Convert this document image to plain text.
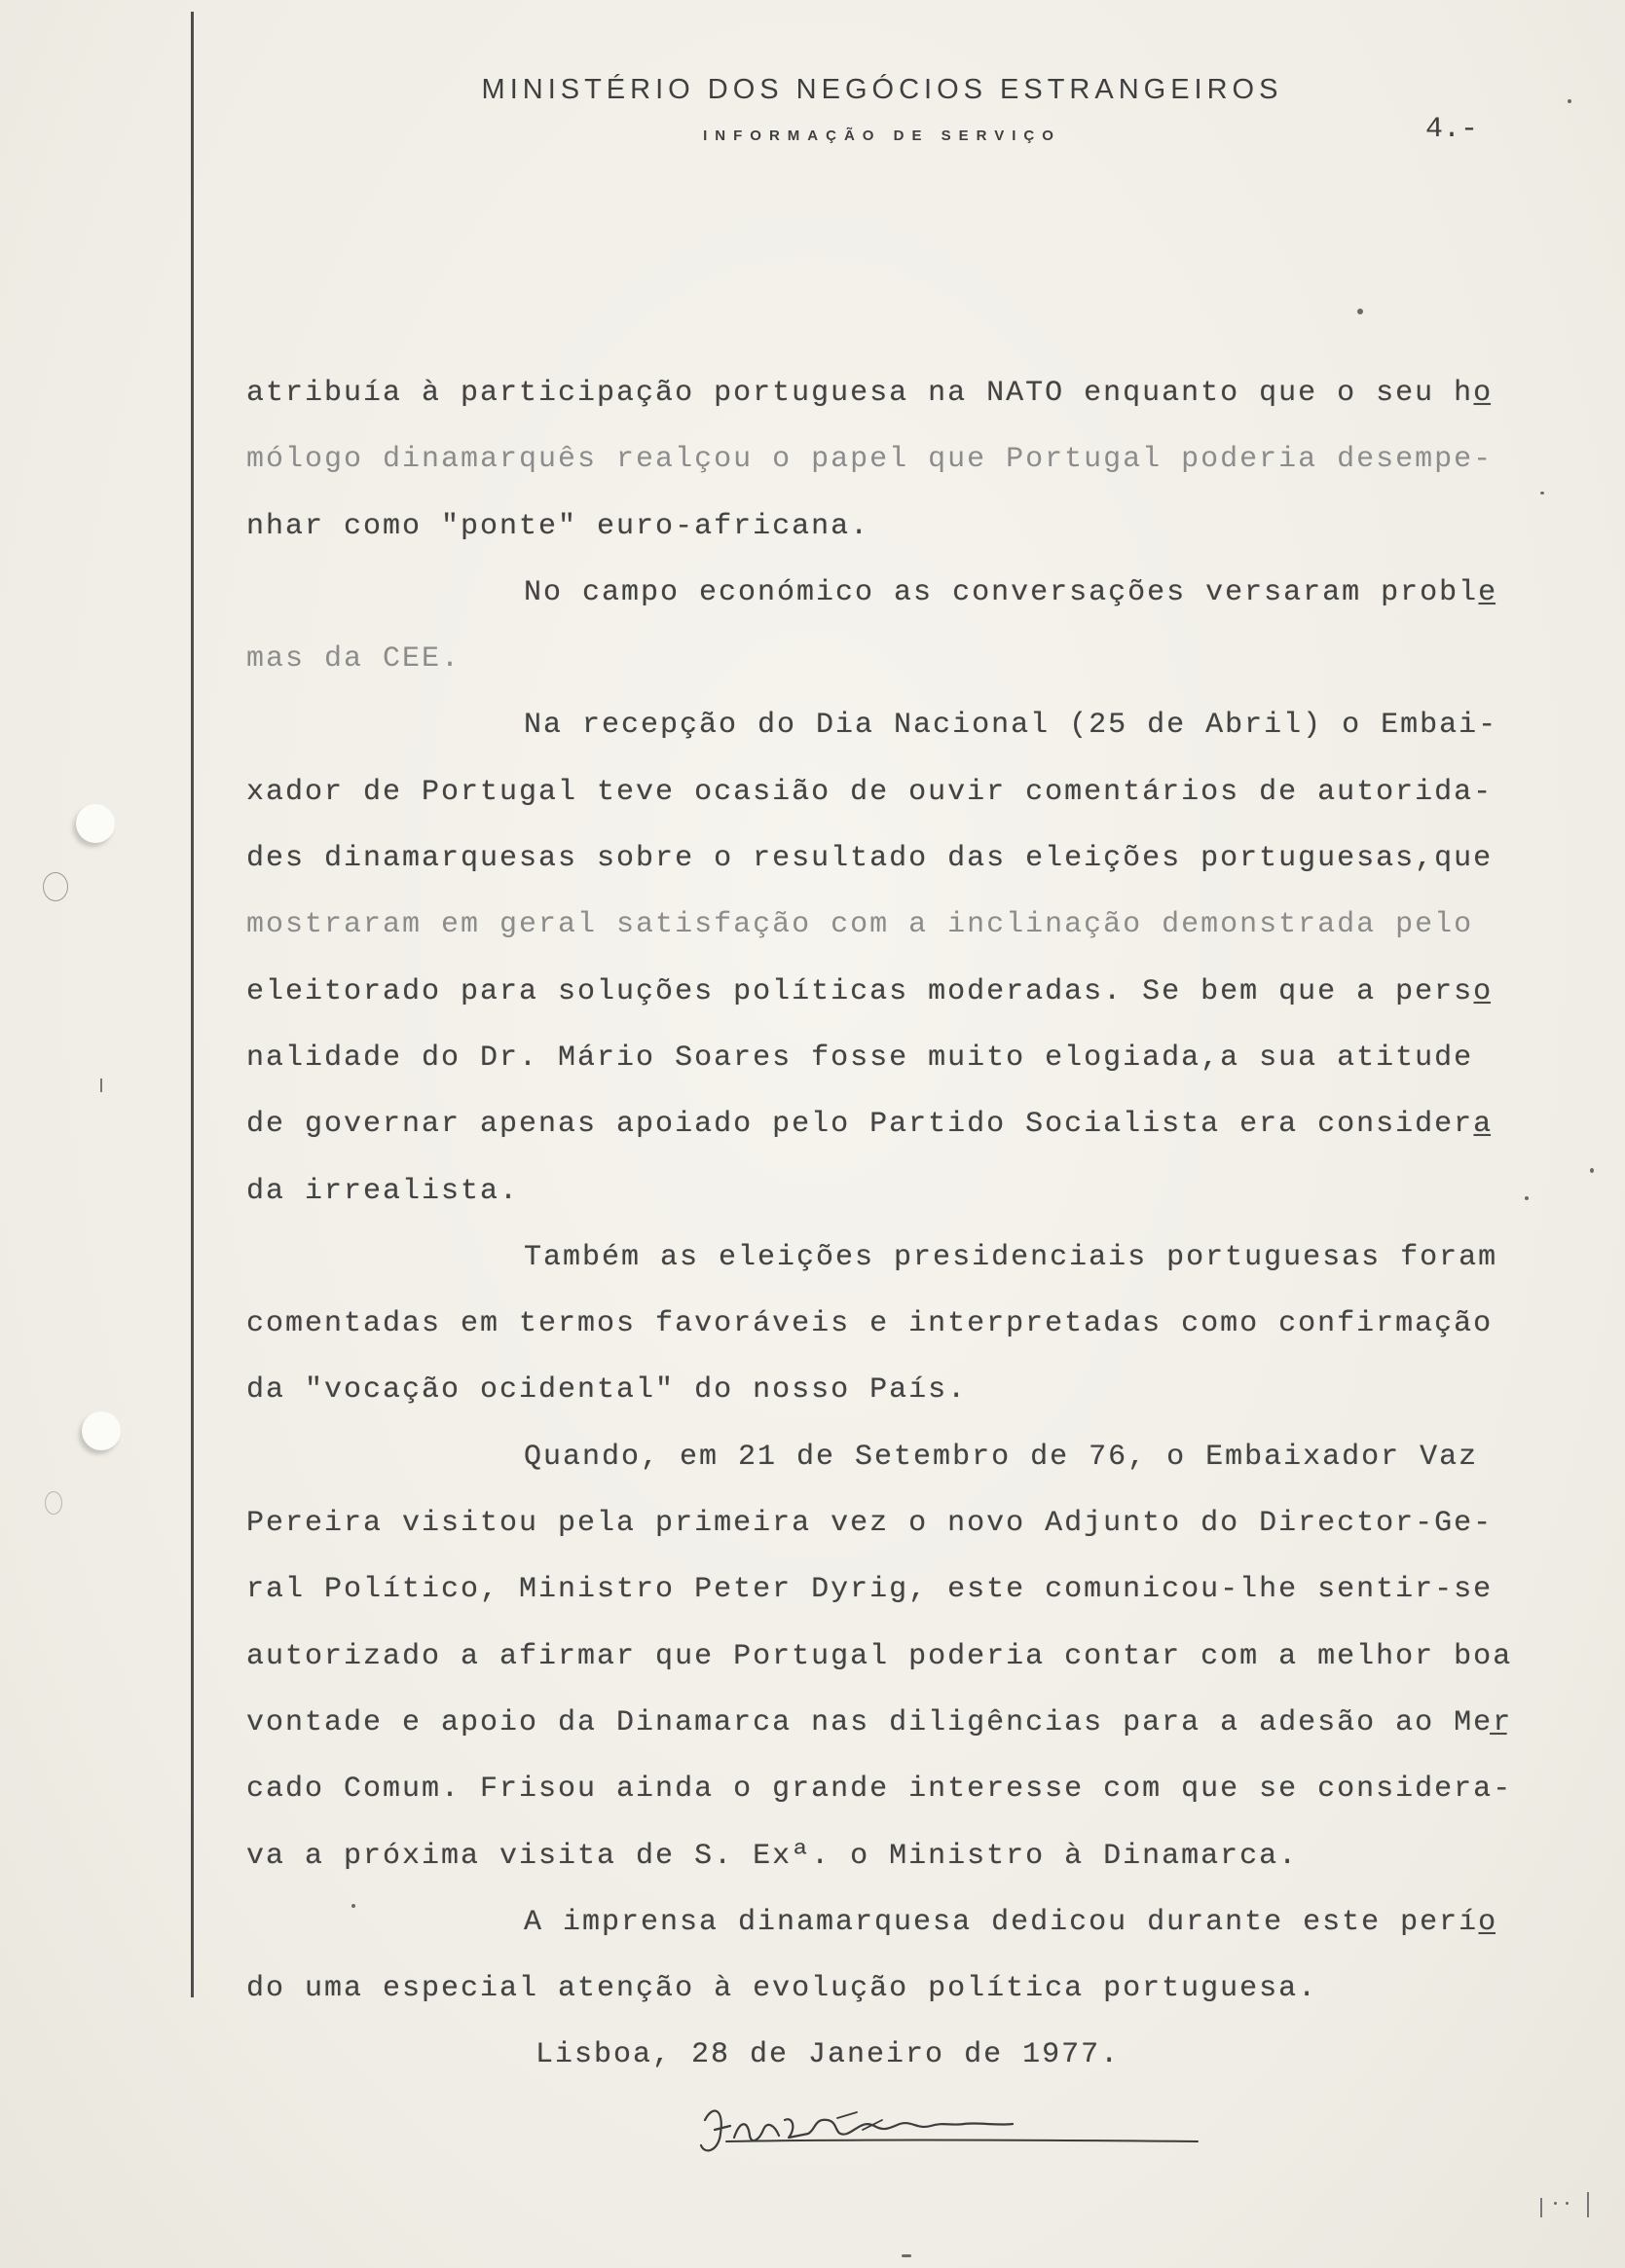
MINISTÉRIO DOS NEGÓCIOS ESTRANGEIROS
INFORMAÇÃO DE SERVIÇO	4.-
atribuía à participação portuguesa na NATO enquanto que o seu ho̲
mólogo dinamarquês realçou o papel que Portugal poderia desempe-
nhar como "ponte" euro-africana.
No campo económico as conversações versaram proble̲
mas da CEE.
Na recepção do Dia Nacional (25 de Abril) o Embai-
xador de Portugal teve ocasião de ouvir comentários de autorida-
des dinamarquesas sobre o resultado das eleições portuguesas,que
mostraram em geral satisfação com a inclinação demonstrada pelo
eleitorado para soluções políticas moderadas. Se bem que a perso̲
nalidade do Dr. Mário Soares fosse muito elogiada,a sua atitude
de governar apenas apoiado pelo Partido Socialista era considera̲
da irrealista.
Também as eleições presidenciais portuguesas foram
comentadas em termos favoráveis e interpretadas como confirmação
da "vocação ocidental" do nosso País.
Quando, em 21 de Setembro de 76, o Embaixador Vaz
Pereira visitou pela primeira vez o novo Adjunto do Director-Ge-
ral Político, Ministro Peter Dyrig, este comunicou-lhe sentir-se
autorizado a afirmar que Portugal poderia contar com a melhor boa
vontade e apoio da Dinamarca nas diligências para a adesão ao Mer̲
cado Comum. Frisou ainda o grande interesse com que se considera-
va a próxima visita de S. Exª. o Ministro à Dinamarca.
A imprensa dinamarquesa dedicou durante este perío̲
do uma especial atenção à evolução política portuguesa.
Lisboa, 28 de Janeiro de 1977.
